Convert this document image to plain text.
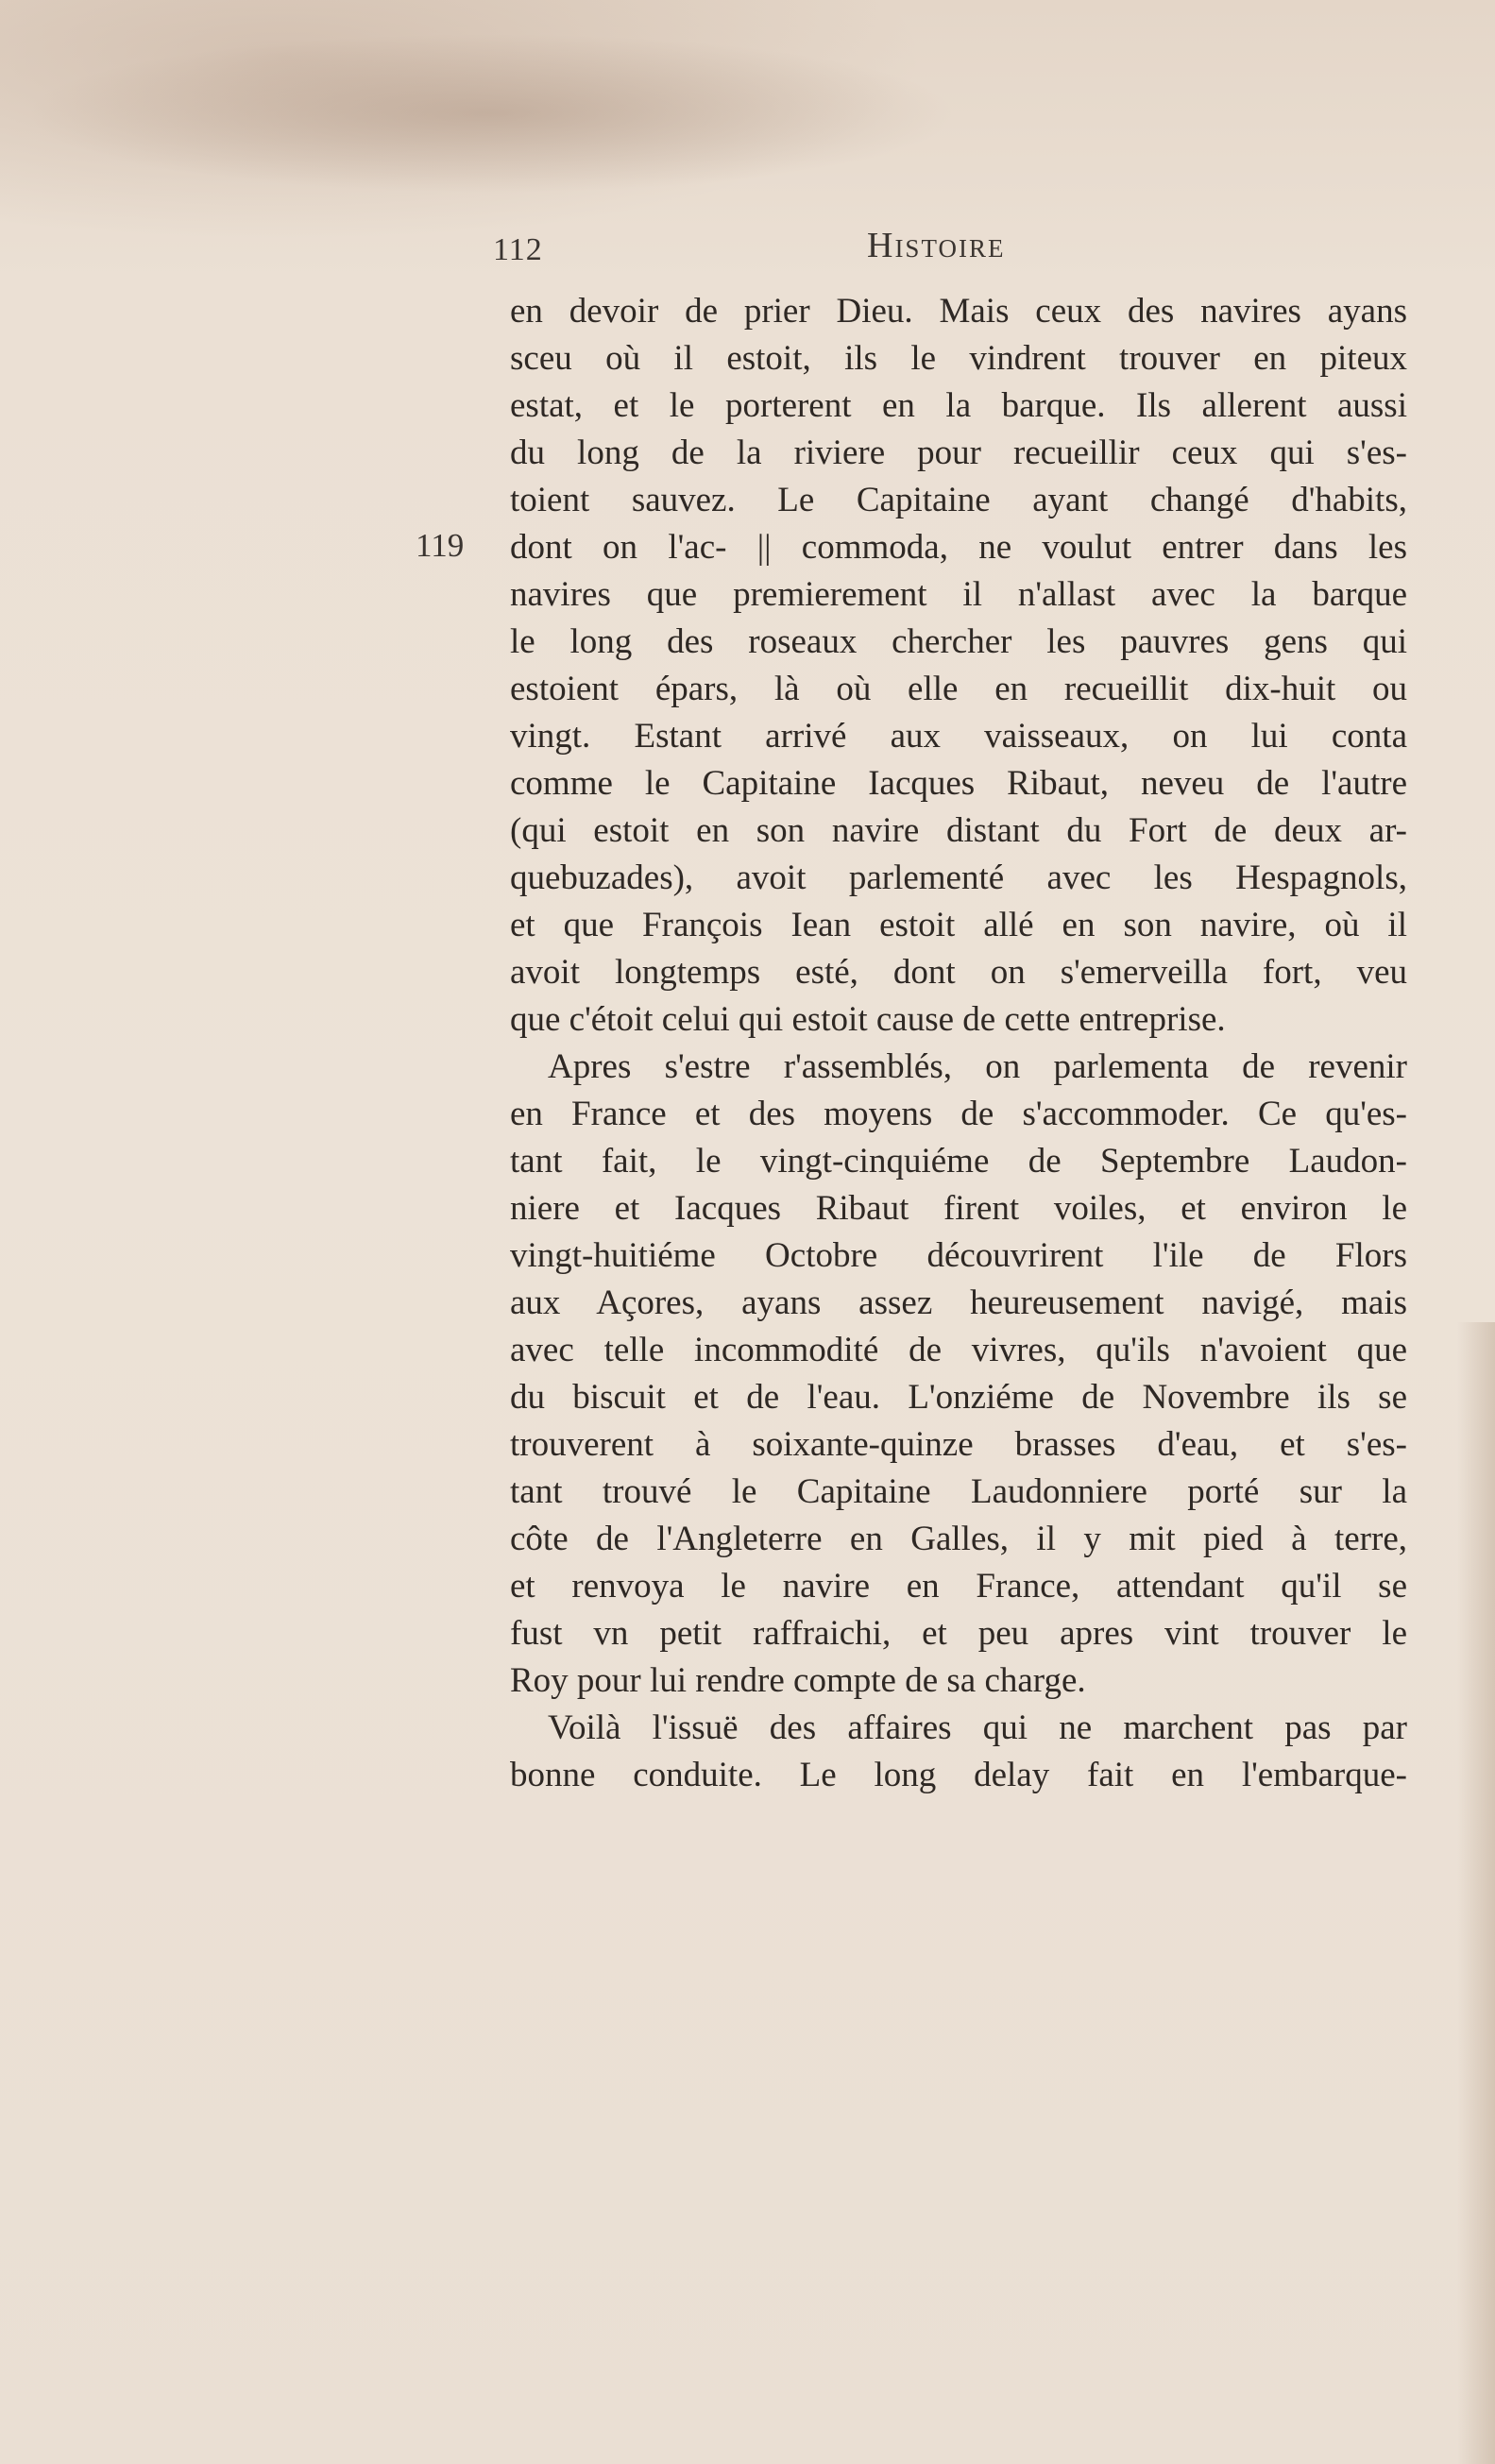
112	Histoire
119
en devoir de prier Dieu. Mais ceux des navires ayans
sceu où il estoit, ils le vindrent trouver en piteux
estat, et le porterent en la barque. Ils allerent aussi
du long de la riviere pour recueillir ceux qui s'es-
toient sauvez. Le Capitaine ayant changé d'habits,
dont on l'ac- || commoda, ne voulut entrer dans les
navires que premierement il n'allast avec la barque
le long des roseaux chercher les pauvres gens qui
estoient épars, là où elle en recueillit dix-huit ou
vingt. Estant arrivé aux vaisseaux, on lui conta
comme le Capitaine Iacques Ribaut, neveu de l'autre
(qui estoit en son navire distant du Fort de deux ar-
quebuzades), avoit parlementé avec les Hespagnols,
et que François Iean estoit allé en son navire, où il
avoit longtemps esté, dont on s'emerveilla fort, veu
que c'étoit celui qui estoit cause de cette entreprise.
Apres s'estre r'assemblés, on parlementa de revenir
en France et des moyens de s'accommoder. Ce qu'es-
tant fait, le vingt-cinquiéme de Septembre Laudon-
niere et Iacques Ribaut firent voiles, et environ le
vingt-huitiéme Octobre découvrirent l'ile de Flors
aux Açores, ayans assez heureusement navigé, mais
avec telle incommodité de vivres, qu'ils n'avoient que
du biscuit et de l'eau. L'onziéme de Novembre ils se
trouverent à soixante-quinze brasses d'eau, et s'es-
tant trouvé le Capitaine Laudonniere porté sur la
côte de l'Angleterre en Galles, il y mit pied à terre,
et renvoya le navire en France, attendant qu'il se
fust vn petit raffraichi, et peu apres vint trouver le
Roy pour lui rendre compte de sa charge.
Voilà l'issuë des affaires qui ne marchent pas par
bonne conduite. Le long delay fait en l'embarque-
